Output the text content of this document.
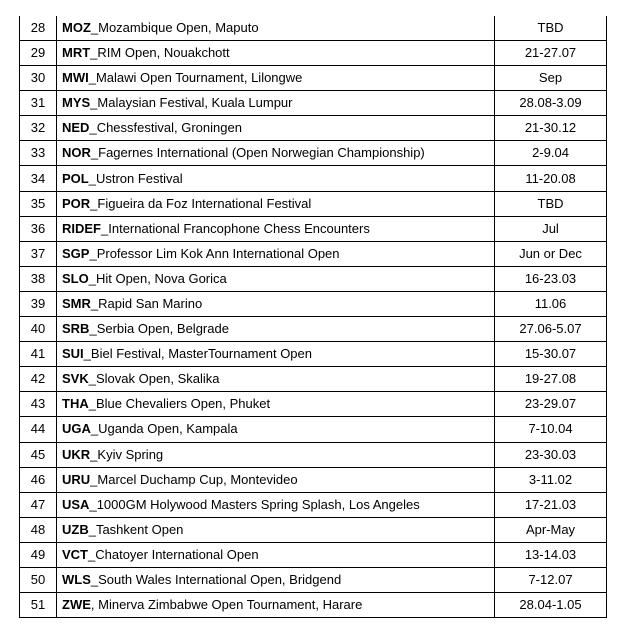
28	MOZ_Mozambique Open, Maputo	TBD
29	MRT_RIM Open, Nouakchott	21-27.07
30	MWI_Malawi Open Tournament, Lilongwe	Sep
31	MYS_Malaysian Festival, Kuala Lumpur	28.08-3.09
32	NED_Chessfestival, Groningen	21-30.12
33	NOR_Fagernes International (Open Norwegian Championship)	2-9.04
34	POL_Ustron Festival	11-20.08
35	POR_Figueira da Foz International Festival	TBD
36	RIDEF_International Francophone Chess Encounters	Jul
37	SGP_Professor Lim Kok Ann International Open	Jun or Dec
38	SLO_Hit Open, Nova Gorica	16-23.03
39	SMR_Rapid San Marino	11.06
40	SRB_Serbia Open, Belgrade	27.06-5.07
41	SUI_Biel Festival, MasterTournament Open	15-30.07
42	SVK_Slovak Open, Skalika	19-27.08
43	THA_Blue Chevaliers Open, Phuket	23-29.07
44	UGA_Uganda Open, Kampala	7-10.04
45	UKR_Kyiv Spring	23-30.03
46	URU_Marcel Duchamp Cup, Montevideo	3-11.02
47	USA_1000GM Holywood Masters Spring Splash, Los Angeles	17-21.03
48	UZB_Tashkent Open	Apr-May
49	VCT_Chatoyer International Open	13-14.03
50	WLS_South Wales International Open, Bridgend	7-12.07
51	ZWE, Minerva Zimbabwe Open Tournament, Harare	28.04-1.05
